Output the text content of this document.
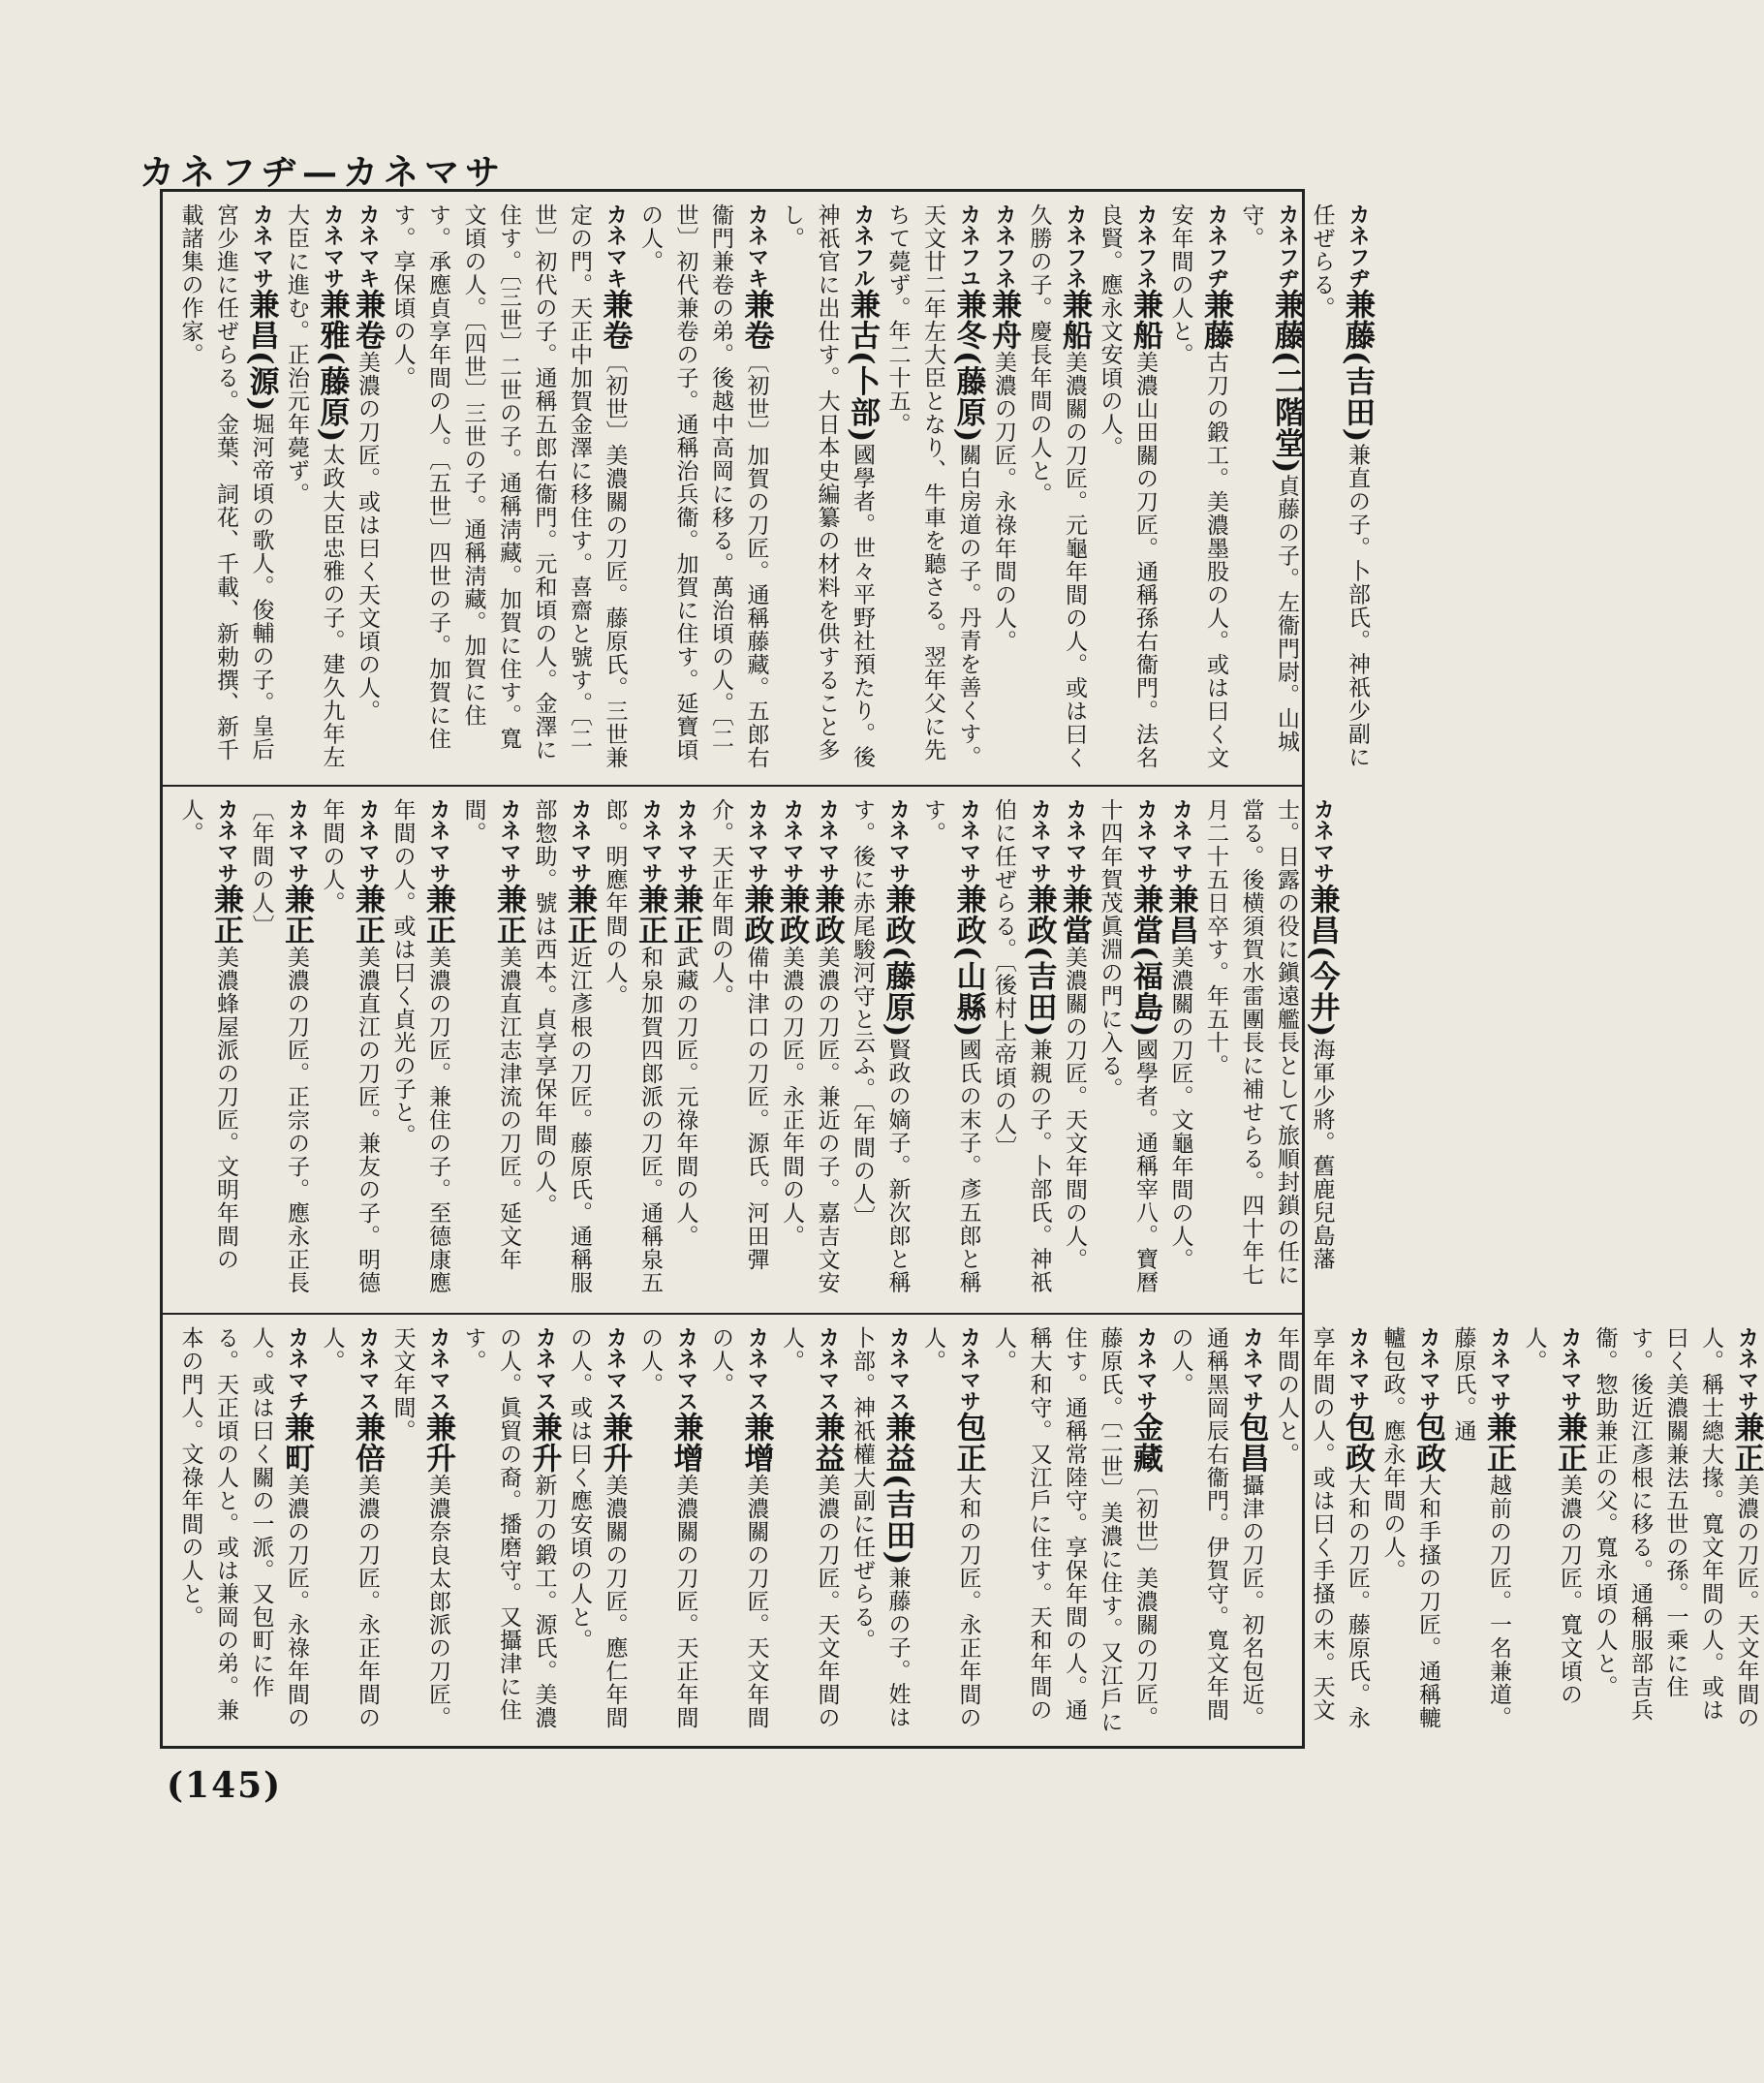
カネフヂ—カネマサ
カネフヂ兼藤(吉田)兼直の子。卜部氏。神祇少副に任ぜらる。
カネフヂ兼藤(二階堂)貞藤の子。左衞門尉。山城守。
カネフヂ兼藤古刀の鍛工。美濃墨股の人。或は曰く文安年間の人と。
カネフネ兼船美濃山田關の刀匠。通稱孫右衞門。法名良賢。應永文安頃の人。
カネフネ兼船美濃關の刀匠。元龜年間の人。或は曰く久勝の子。慶長年間の人と。
カネフネ兼舟美濃の刀匠。永祿年間の人。
カネフユ兼冬(藤原)關白房道の子。丹青を善くす。天文廿二年左大臣となり、牛車を聽さる。翌年父に先ちて薨ず。年二十五。
カネフル兼古(卜部)國學者。世々平野社預たり。後神祇官に出仕す。大日本史編纂の材料を供すること多し。
カネマキ兼卷〔初世〕加賀の刀匠。通稱藤藏。五郎右衞門兼卷の弟。後越中高岡に移る。萬治頃の人。〔二世〕初代兼卷の子。通稱治兵衞。加賀に住す。延寶頃の人。
カネマキ兼卷〔初世〕美濃關の刀匠。藤原氏。三世兼定の門。天正中加賀金澤に移住す。喜齋と號す。〔二世〕初代の子。通稱五郎右衞門。元和頃の人。金澤に住す。〔三世〕二世の子。通稱淸藏。加賀に住す。寬文頃の人。〔四世〕三世の子。通稱淸藏。加賀に住す。承應貞享年間の人。〔五世〕四世の子。加賀に住す。享保頃の人。
カネマキ兼卷美濃の刀匠。或は曰く天文頃の人。
カネマサ兼雅(藤原)太政大臣忠雅の子。建久九年左大臣に進む。正治元年薨ず。
カネマサ兼昌(源)堀河帝頃の歌人。俊輔の子。皇后宮少進に任ぜらる。金葉、詞花、千載、新勅撰、新千載諸集の作家。
カネマサ兼昌(今井)海軍少將。舊鹿兒島藩士。日露の役に鎭遠艦長として旅順封鎖の任に當る。後横須賀水雷團長に補せらる。四十年七月二十五日卒す。年五十。
カネマサ兼昌美濃關の刀匠。文龜年間の人。
カネマサ兼當(福島)國學者。通稱宰八。寶曆十四年賀茂眞淵の門に入る。
カネマサ兼當美濃關の刀匠。天文年間の人。
カネマサ兼政(吉田)兼親の子。卜部氏。神祇伯に任ぜらる。〔後村上帝頃の人〕
カネマサ兼政(山縣)國氏の末子。彥五郎と稱す。
カネマサ兼政(藤原)賢政の嫡子。新次郎と稱す。後に赤尾駿河守と云ふ。〔年間の人〕
カネマサ兼政美濃の刀匠。兼近の子。嘉吉文安
カネマサ兼政美濃の刀匠。永正年間の人。
カネマサ兼政備中津口の刀匠。源氏。河田彈介。天正年間の人。
カネマサ兼正武藏の刀匠。元祿年間の人。
カネマサ兼正和泉加賀四郎派の刀匠。通稱泉五郎。明應年間の人。
カネマサ兼正近江彥根の刀匠。藤原氏。通稱服部惣助。號は西本。貞享享保年間の人。
カネマサ兼正美濃直江志津流の刀匠。延文年間。
カネマサ兼正美濃の刀匠。兼住の子。至德康應年間の人。或は曰く貞光の子と。
カネマサ兼正美濃直江の刀匠。兼友の子。明德年間の人。
カネマサ兼正美濃の刀匠。正宗の子。應永正長〔年間の人〕
カネマサ兼正美濃蜂屋派の刀匠。文明年間の人。
カネマサ兼正美濃の刀匠。天文年間の人。稱士總大掾。寬文年間の人。或は曰く美濃關兼法五世の孫。一乘に住す。後近江彥根に移る。通稱服部吉兵衞。惣助兼正の父。寬永頃の人と。
カネマサ兼正美濃の刀匠。寬文頃の人。
カネマサ兼正越前の刀匠。一名兼道。藤原氏。通
カネマサ包政大和手搔の刀匠。通稱轆轤包政。應永年間の人。
カネマサ包政大和の刀匠。藤原氏。永享年間の人。或は曰く手搔の末。天文年間の人と。
カネマサ包昌攝津の刀匠。初名包近。通稱黑岡辰右衞門。伊賀守。寬文年間の人。
カネマサ金藏〔初世〕美濃關の刀匠。藤原氏。〔二世〕美濃に住す。又江戶に住す。通稱常陸守。享保年間の人。通稱大和守。又江戶に住す。天和年間の人。
カネマサ包正大和の刀匠。永正年間の人。
カネマス兼益(吉田)兼藤の子。姓は卜部。神祇權大副に任ぜらる。
カネマス兼益美濃の刀匠。天文年間の人。
カネマス兼增美濃關の刀匠。天文年間の人。
カネマス兼增美濃關の刀匠。天正年間の人。
カネマス兼升美濃關の刀匠。應仁年間の人。或は曰く應安頃の人と。
カネマス兼升新刀の鍛工。源氏。美濃の人。眞貿の裔。播磨守。又攝津に住す。
カネマス兼升美濃奈良太郎派の刀匠。天文年間。
カネマス兼倍美濃の刀匠。永正年間の人。
カネマチ兼町美濃の刀匠。永祿年間の人。或は曰く關の一派。又包町に作る。天正頃の人と。或は兼岡の弟。兼本の門人。文祿年間の人と。
(145)
